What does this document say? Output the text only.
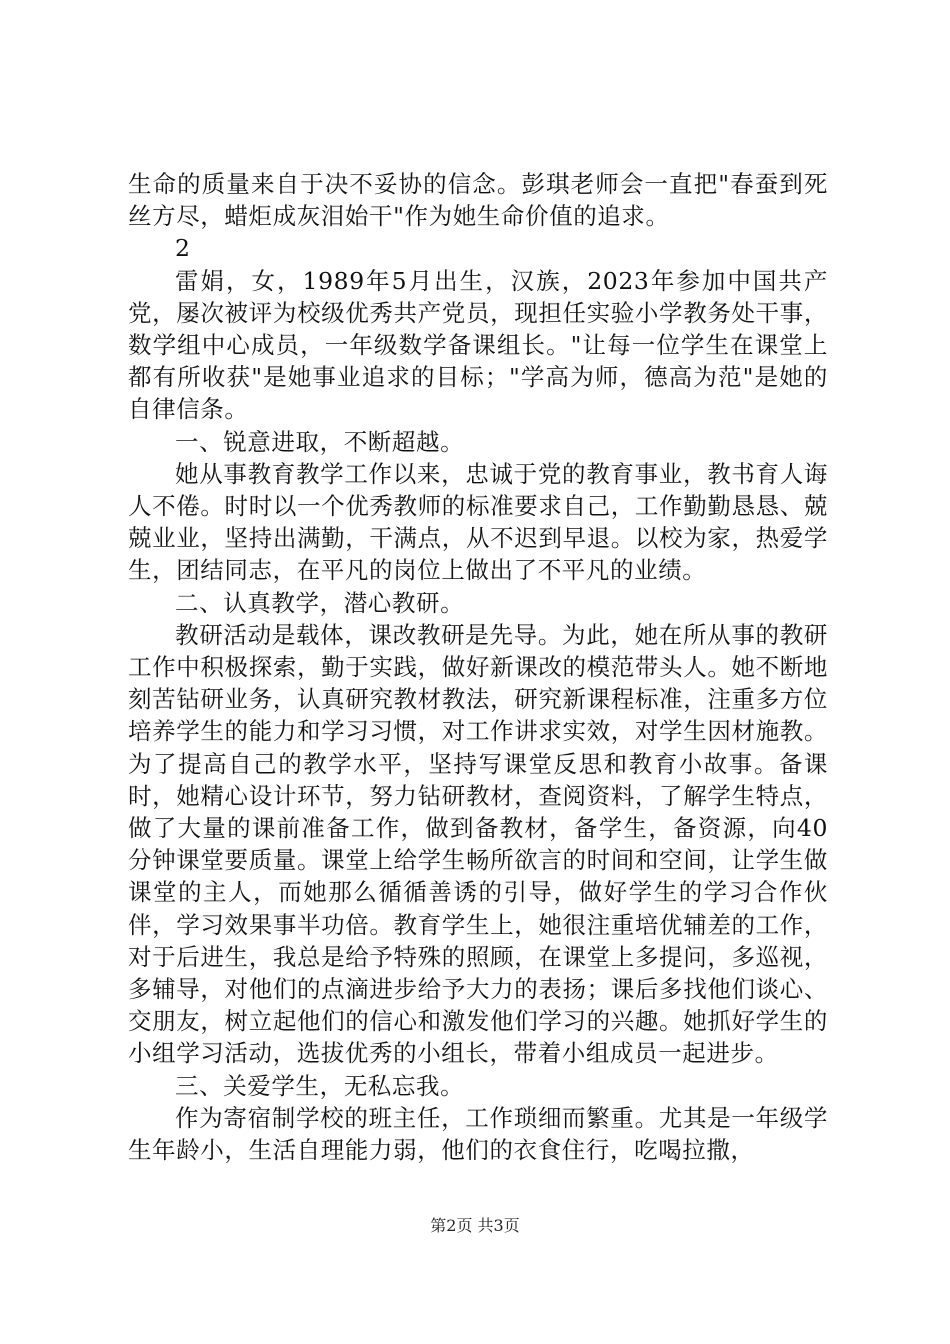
生命的质量来自于决不妥协的信念。彭琪老师会一直把"春蚕到死丝方尽，蜡炬成灰泪始干"作为她生命价值的追求。

2

雷娟，女，1989年5月出生，汉族，2023年参加中国共产党，屡次被评为校级优秀共产党员，现担任实验小学教务处干事，数学组中心成员，一年级数学备课组长。"让每一位学生在课堂上都有所收获"是她事业追求的目标；"学高为师，德高为范"是她的自律信条。

一、锐意进取，不断超越。

她从事教育教学工作以来，忠诚于党的教育事业，教书育人诲人不倦。时时以一个优秀教师的标准要求自己，工作勤勤恳恳、兢兢业业，坚持出满勤，干满点，从不迟到早退。以校为家，热爱学生，团结同志，在平凡的岗位上做出了不平凡的业绩。

二、认真教学，潜心教研。

教研活动是载体，课改教研是先导。为此，她在所从事的教研工作中积极探索，勤于实践，做好新课改的模范带头人。她不断地刻苦钻研业务，认真研究教材教法，研究新课程标准，注重多方位培养学生的能力和学习习惯，对工作讲求实效，对学生因材施教。为了提高自己的教学水平，坚持写课堂反思和教育小故事。备课时，她精心设计环节，努力钻研教材，查阅资料，了解学生特点，做了大量的课前准备工作，做到备教材，备学生，备资源，向40分钟课堂要质量。课堂上给学生畅所欲言的时间和空间，让学生做课堂的主人，而她那么循循善诱的引导，做好学生的学习合作伙伴，学习效果事半功倍。教育学生上，她很注重培优辅差的工作，对于后进生，我总是给予特殊的照顾，在课堂上多提问，多巡视，多辅导，对他们的点滴进步给予大力的表扬；课后多找他们谈心、交朋友，树立起他们的信心和激发他们学习的兴趣。她抓好学生的小组学习活动，选拔优秀的小组长，带着小组成员一起进步。

三、关爱学生，无私忘我。

作为寄宿制学校的班主任，工作琐细而繁重。尤其是一年级学生年龄小，生活自理能力弱，他们的衣食住行，吃喝拉撒，

第2页 共3页
